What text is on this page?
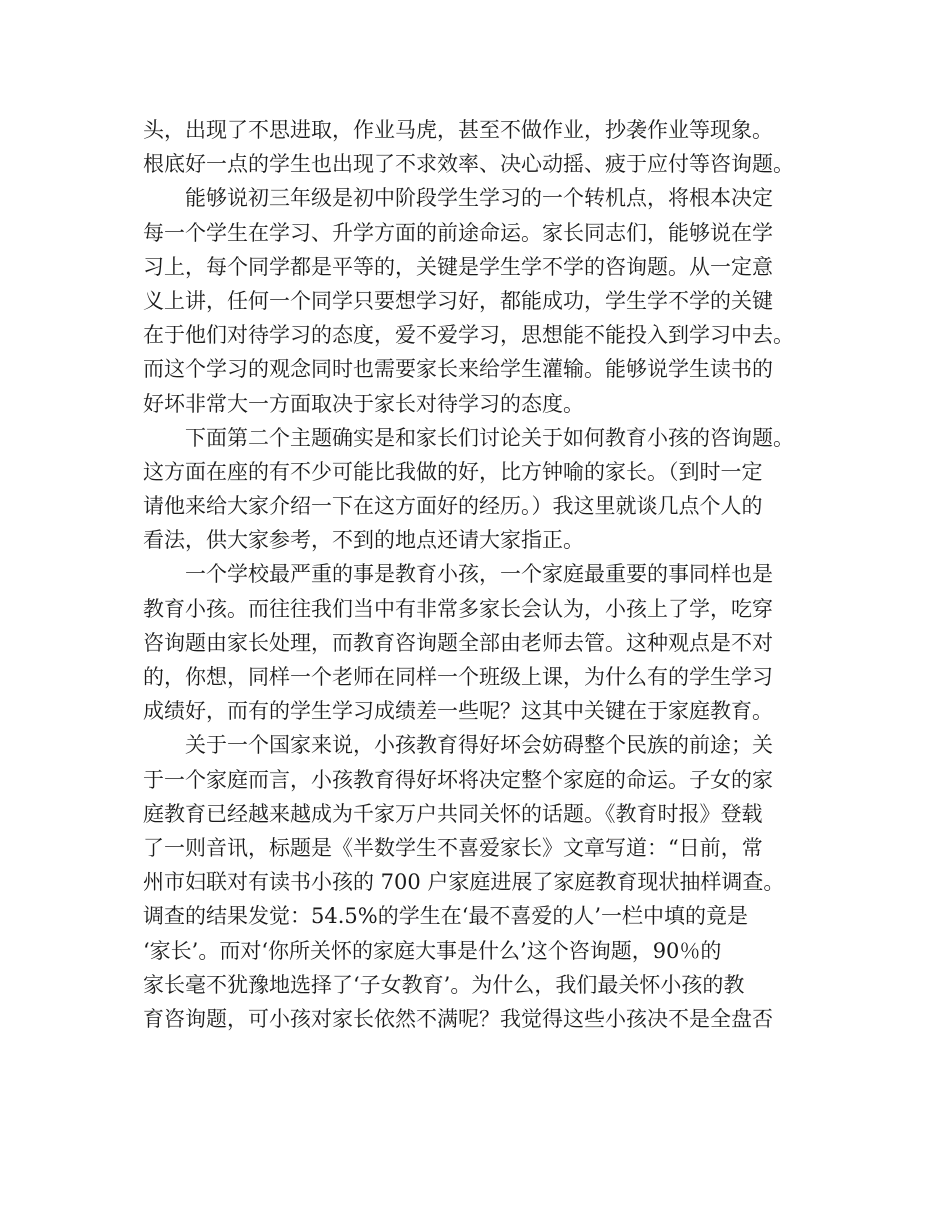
头，出现了不思进取，作业马虎，甚至不做作业，抄袭作业等现象。
根底好一点的学生也出现了不求效率、决心动摇、疲于应付等咨询题。
能够说初三年级是初中阶段学生学习的一个转机点，将根本决定
每一个学生在学习、升学方面的前途命运。家长同志们，能够说在学
习上，每个同学都是平等的，关键是学生学不学的咨询题。从一定意
义上讲，任何一个同学只要想学习好，都能成功，学生学不学的关键
在于他们对待学习的态度，爱不爱学习，思想能不能投入到学习中去。
而这个学习的观念同时也需要家长来给学生灌输。能够说学生读书的
好坏非常大一方面取决于家长对待学习的态度。
下面第二个主题确实是和家长们讨论关于如何教育小孩的咨询题。
这方面在座的有不少可能比我做的好，比方钟喻的家长。（到时一定
请他来给大家介绍一下在这方面好的经历。）我这里就谈几点个人的
看法，供大家参考，不到的地点还请大家指正。
一个学校最严重的事是教育小孩，一个家庭最重要的事同样也是
教育小孩。而往往我们当中有非常多家长会认为，小孩上了学，吃穿
咨询题由家长处理，而教育咨询题全部由老师去管。这种观点是不对
的，你想，同样一个老师在同样一个班级上课，为什么有的学生学习
成绩好，而有的学生学习成绩差一些呢？这其中关键在于家庭教育。
关于一个国家来说，小孩教育得好坏会妨碍整个民族的前途；关
于一个家庭而言，小孩教育得好坏将决定整个家庭的命运。子女的家
庭教育已经越来越成为千家万户共同关怀的话题。《教育时报》登载
了一则音讯，标题是《半数学生不喜爱家长》文章写道：“日前，常
州市妇联对有读书小孩的 700 户家庭进展了家庭教育现状抽样调查。
调查的结果发觉：54.5%的学生在‘最不喜爱的人’一栏中填的竟是
‘家长’。而对‘你所关怀的家庭大事是什么’这个咨询题，90％的
家长毫不犹豫地选择了‘子女教育’。为什么，我们最关怀小孩的教
育咨询题，可小孩对家长依然不满呢？我觉得这些小孩决不是全盘否
